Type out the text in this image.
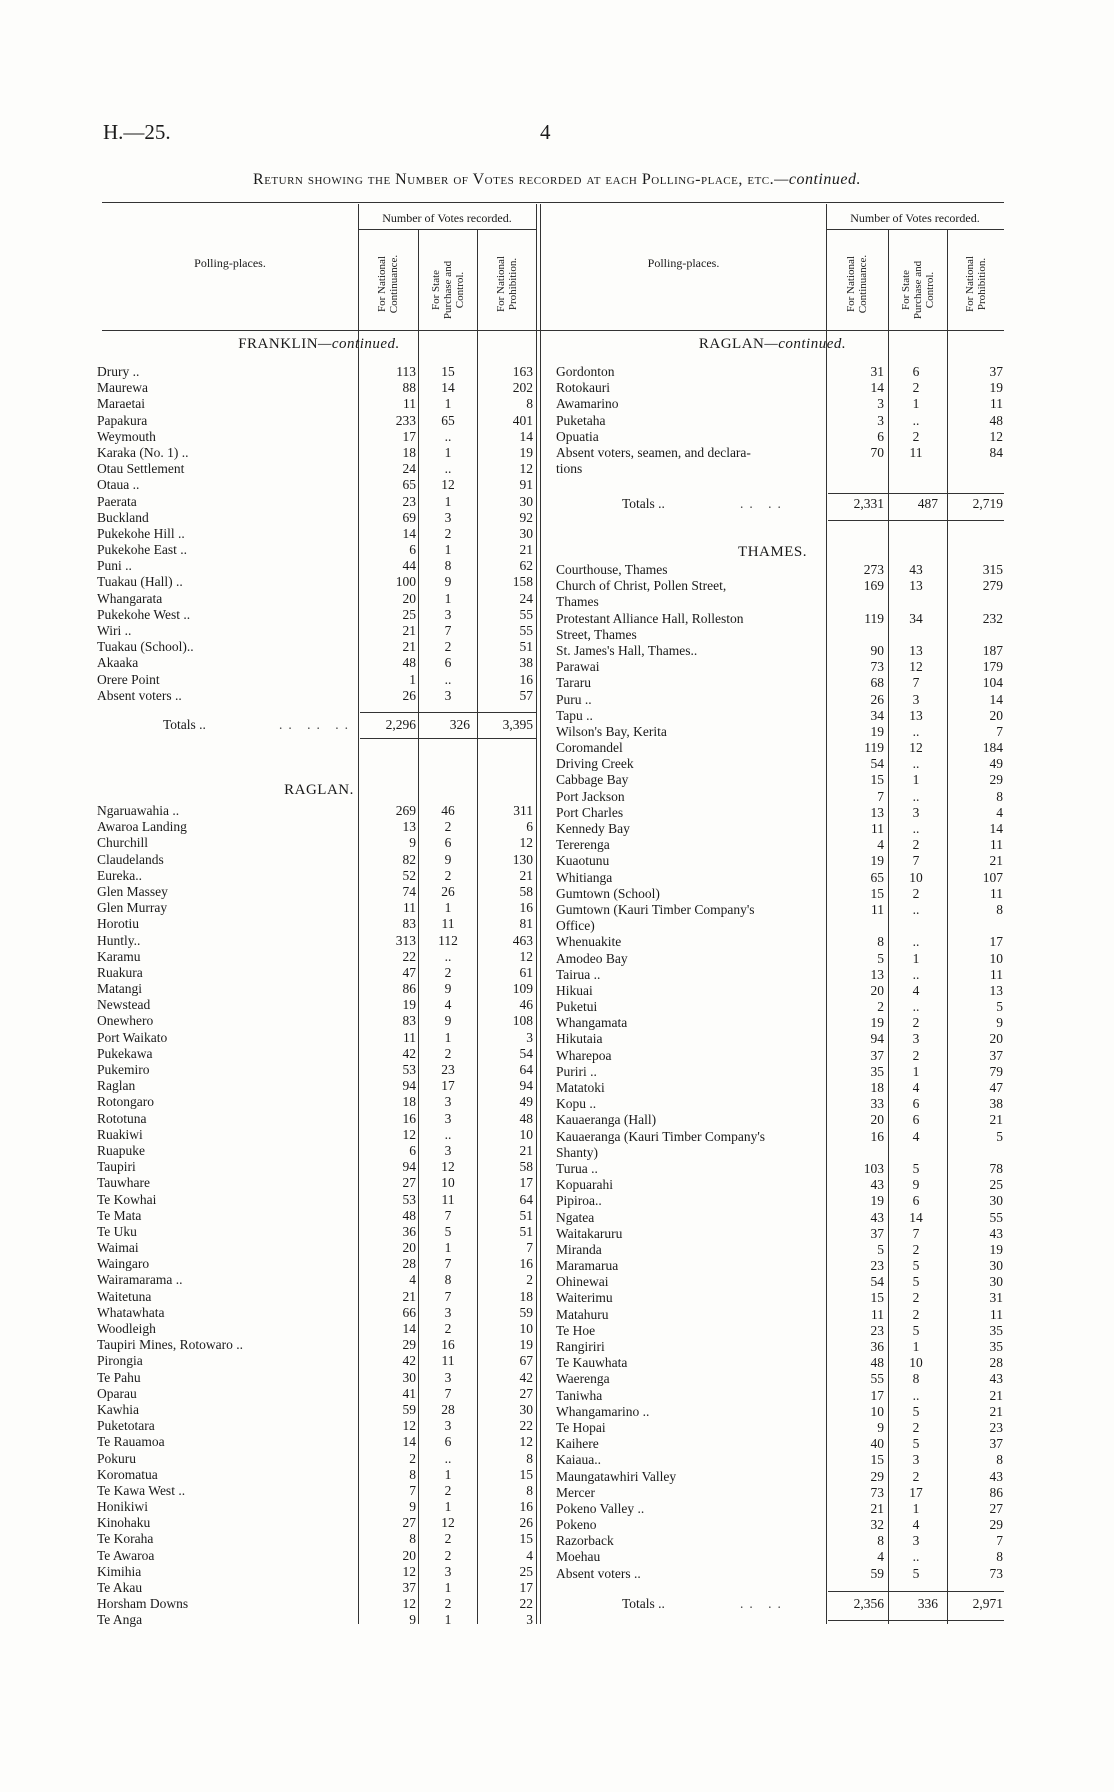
H.—25.	4
Return showing the Number of Votes recorded at each Polling-place, etc.—continued.
Polling-places.	Polling-places.
Number of Votes recorded.	Number of Votes recorded.
For National Continuance.	For State Purchase and Control.	For National Prohibition.	For National Continuance.	For State Purchase and Control.	For National Prohibition.
FRANKLIN—continued.	RAGLAN—continued.
Drury ..	113	15	163
Maurewa	88	14	202
Maraetai	11	1	8
Papakura	233	65	401
Weymouth	17	..	14
Karaka (No. 1) ..	18	1	19
Otau Settlement	24	..	12
Otaua ..	65	12	91
Paerata	23	1	30
Buckland	69	3	92
Pukekohe Hill ..	14	2	30
Pukekohe East ..	6	1	21
Puni ..	44	8	62
Tuakau (Hall) ..	100	9	158
Whangarata	20	1	24
Pukekohe West ..	25	3	55
Wiri ..	21	7	55
Tuakau (School)..	21	2	51
Akaaka	48	6	38
Orere Point	1	..	16
Absent voters ..	26	3	57
Totals ..	.. .. ..	2,296	326	3,395
RAGLAN.
Ngaruawahia ..	269	46	311
Awaroa Landing	13	2	6
Churchill	9	6	12
Claudelands	82	9	130
Eureka..	52	2	21
Glen Massey	74	26	58
Glen Murray	11	1	16
Horotiu	83	11	81
Huntly..	313	112	463
Karamu	22	..	12
Ruakura	47	2	61
Matangi	86	9	109
Newstead	19	4	46
Onewhero	83	9	108
Port Waikato	11	1	3
Pukekawa	42	2	54
Pukemiro	53	23	64
Raglan	94	17	94
Rotongaro	18	3	49
Rototuna	16	3	48
Ruakiwi	12	..	10
Ruapuke	6	3	21
Taupiri	94	12	58
Tauwhare	27	10	17
Te Kowhai	53	11	64
Te Mata	48	7	51
Te Uku	36	5	51
Waimai	20	1	7
Waingaro	28	7	16
Wairamarama ..	4	8	2
Waitetuna	21	7	18
Whatawhata	66	3	59
Woodleigh	14	2	10
Taupiri Mines, Rotowaro ..	29	16	19
Pirongia	42	11	67
Te Pahu	30	3	42
Oparau	41	7	27
Kawhia	59	28	30
Puketotara	12	3	22
Te Rauamoa	14	6	12
Pokuru	2	..	8
Koromatua	8	1	15
Te Kawa West ..	7	2	8
Honikiwi	9	1	16
Kinohaku	27	12	26
Te Koraha	8	2	15
Te Awaroa	20	2	4
Kimihia	12	3	25
Te Akau	37	1	17
Horsham Downs	12	2	22
Te Anga	9	1	3
Gordonton	31	6	37
Rotokauri	14	2	19
Awamarino	3	1	11
Puketaha	3	..	48
Opuatia	6	2	12
Absent voters, seamen, and declara-	70	11	84
tions
Totals ..	.. ..	2,331	487	2,719
THAMES.
Courthouse, Thames	273	43	315
Church of Christ, Pollen Street,	169	13	279
Thames
Protestant Alliance Hall, Rolleston	119	34	232
Street, Thames
St. James's Hall, Thames..	90	13	187
Parawai	73	12	179
Tararu	68	7	104
Puru ..	26	3	14
Tapu ..	34	13	20
Wilson's Bay, Kerita	19	..	7
Coromandel	119	12	184
Driving Creek	54	..	49
Cabbage Bay	15	1	29
Port Jackson	7	..	8
Port Charles	13	3	4
Kennedy Bay	11	..	14
Tererenga	4	2	11
Kuaotunu	19	7	21
Whitianga	65	10	107
Gumtown (School)	15	2	11
Gumtown (Kauri Timber Company's	11	..	8
Office)
Whenuakite	8	..	17
Amodeo Bay	5	1	10
Tairua ..	13	..	11
Hikuai	20	4	13
Puketui	2	..	5
Whangamata	19	2	9
Hikutaia	94	3	20
Wharepoa	37	2	37
Puriri ..	35	1	79
Matatoki	18	4	47
Kopu ..	33	6	38
Kauaeranga (Hall)	20	6	21
Kauaeranga (Kauri Timber Company's	16	4	5
Shanty)
Turua ..	103	5	78
Kopuarahi	43	9	25
Pipiroa..	19	6	30
Ngatea	43	14	55
Waitakaruru	37	7	43
Miranda	5	2	19
Maramarua	23	5	30
Ohinewai	54	5	30
Waiterimu	15	2	31
Matahuru	11	2	11
Te Hoe	23	5	35
Rangiriri	36	1	35
Te Kauwhata	48	10	28
Waerenga	55	8	43
Taniwha	17	..	21
Whangamarino ..	10	5	21
Te Hopai	9	2	23
Kaihere	40	5	37
Kaiaua..	15	3	8
Maungatawhiri Valley	29	2	43
Mercer	73	17	86
Pokeno Valley ..	21	1	27
Pokeno	32	4	29
Razorback	8	3	7
Moehau	4	..	8
Absent voters ..	59	5	73
Totals ..	.. ..	2,356	336	2,971
